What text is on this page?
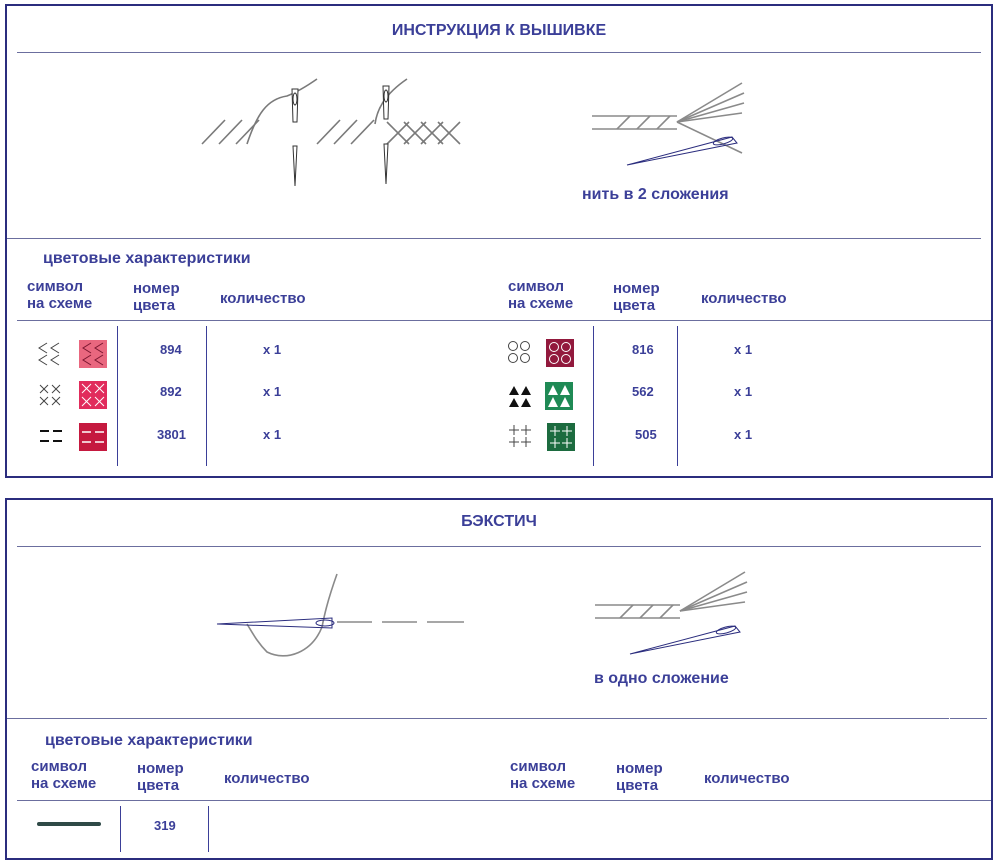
ИНСТРУКЦИЯ К ВЫШИВКЕ
нить в 2 сложения
цветовые характеристики
символ
на схеме
номер
цвета	количество
символ
на схеме
номер
цвета	количество
894	x 1
892	x 1
3801	x 1
816	x 1
562	x 1
505	x 1
БЭКСТИЧ
в одно сложение
цветовые характеристики
символ
на схеме
номер
цвета	количество
символ
на схеме
номер
цвета	количество
319
